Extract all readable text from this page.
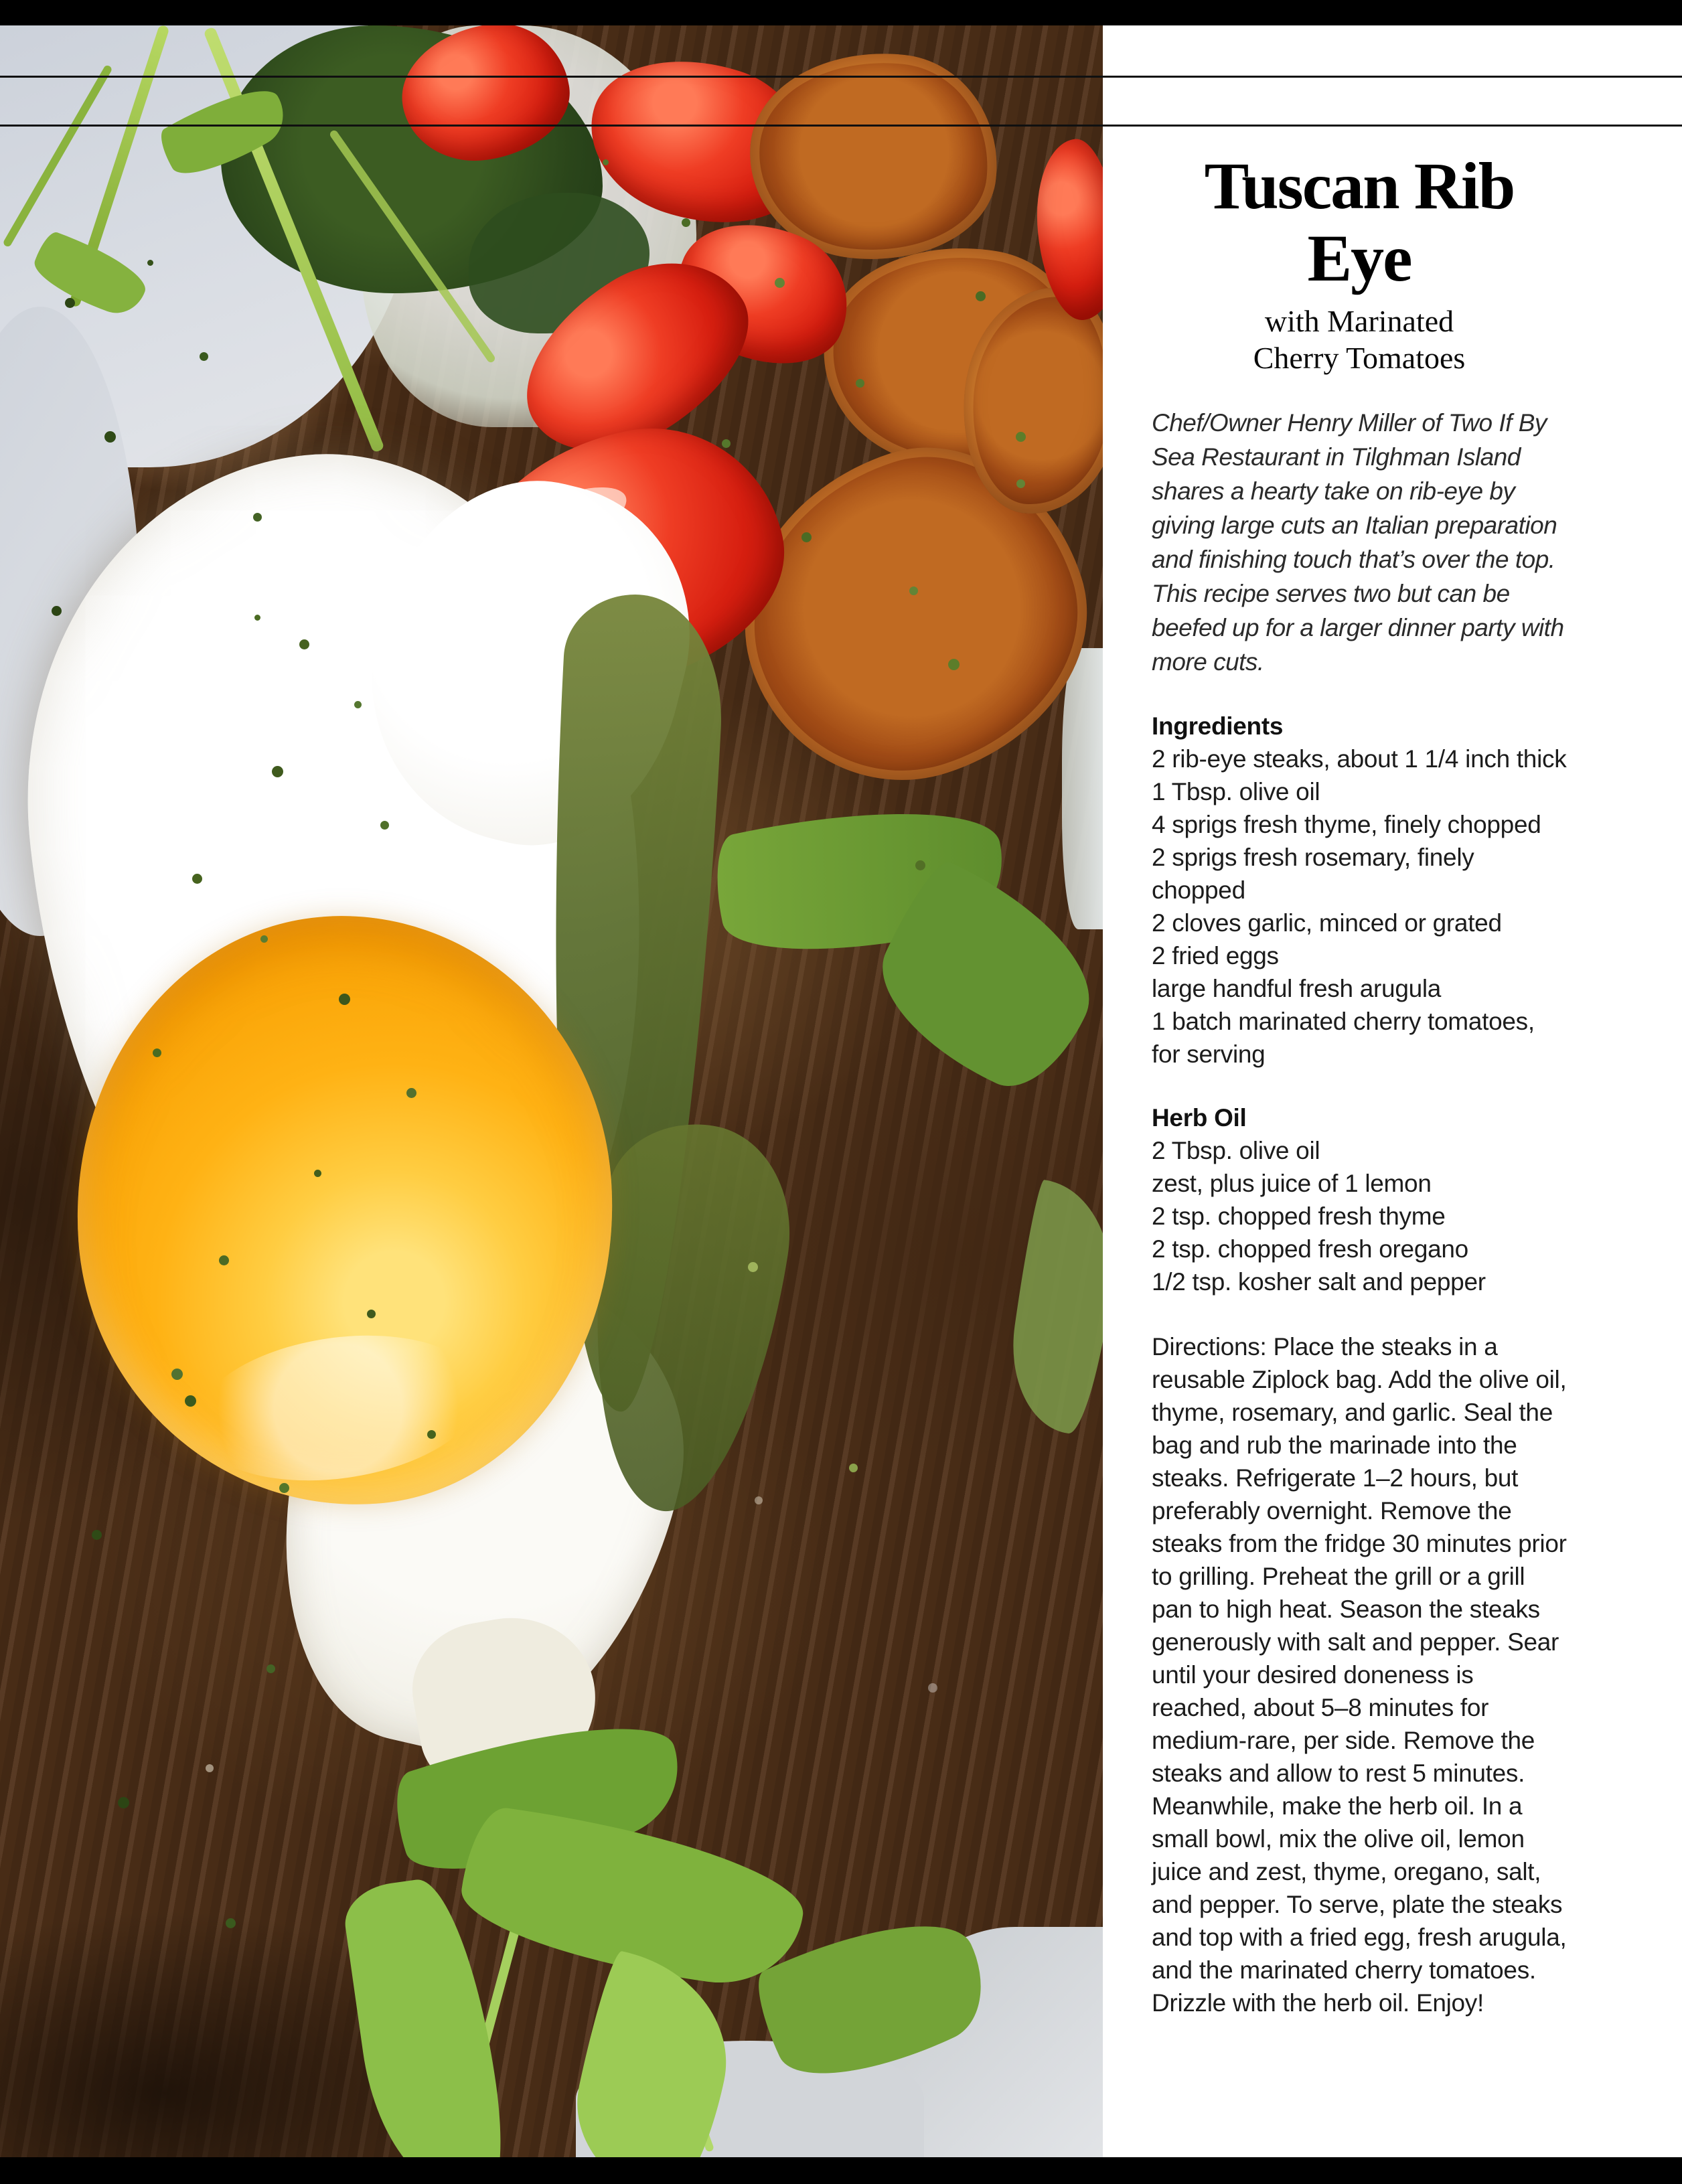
Tuscan Rib
Eye
with Marinated
Cherry Tomatoes

Chef/Owner Henry Miller of Two If By Sea Restaurant in Tilghman Island shares a hearty take on rib-eye by giving large cuts an Italian preparation and finishing touch that’s over the top. This recipe serves two but can be beefed up for a larger dinner party with more cuts.

Ingredients
2 rib-eye steaks, about 1 1/4 inch thick
1 Tbsp. olive oil
4 sprigs fresh thyme, finely chopped
2 sprigs fresh rosemary, finely chopped
2 cloves garlic, minced or grated
2 fried eggs
large handful fresh arugula
1 batch marinated cherry tomatoes, for serving
Herb Oil
2 Tbsp. olive oil
zest, plus juice of 1 lemon
2 tsp. chopped fresh thyme
2 tsp. chopped fresh oregano
1/2 tsp. kosher salt and pepper

Directions: Place the steaks in a reusable Ziplock bag. Add the olive oil, thyme, rosemary, and garlic. Seal the bag and rub the marinade into the steaks. Refrigerate 1–2 hours, but preferably overnight. Remove the steaks from the fridge 30 minutes prior to grilling. Preheat the grill or a grill pan to high heat. Season the steaks generously with salt and pepper. Sear until your desired doneness is reached, about 5–8 minutes for medium-rare, per side. Remove the steaks and allow to rest 5 minutes. Meanwhile, make the herb oil. In a small bowl, mix the olive oil, lemon juice and zest, thyme, oregano, salt, and pepper. To serve, plate the steaks and top with a fried egg, fresh arugula, and the marinated cherry tomatoes. Drizzle with the herb oil. Enjoy!
